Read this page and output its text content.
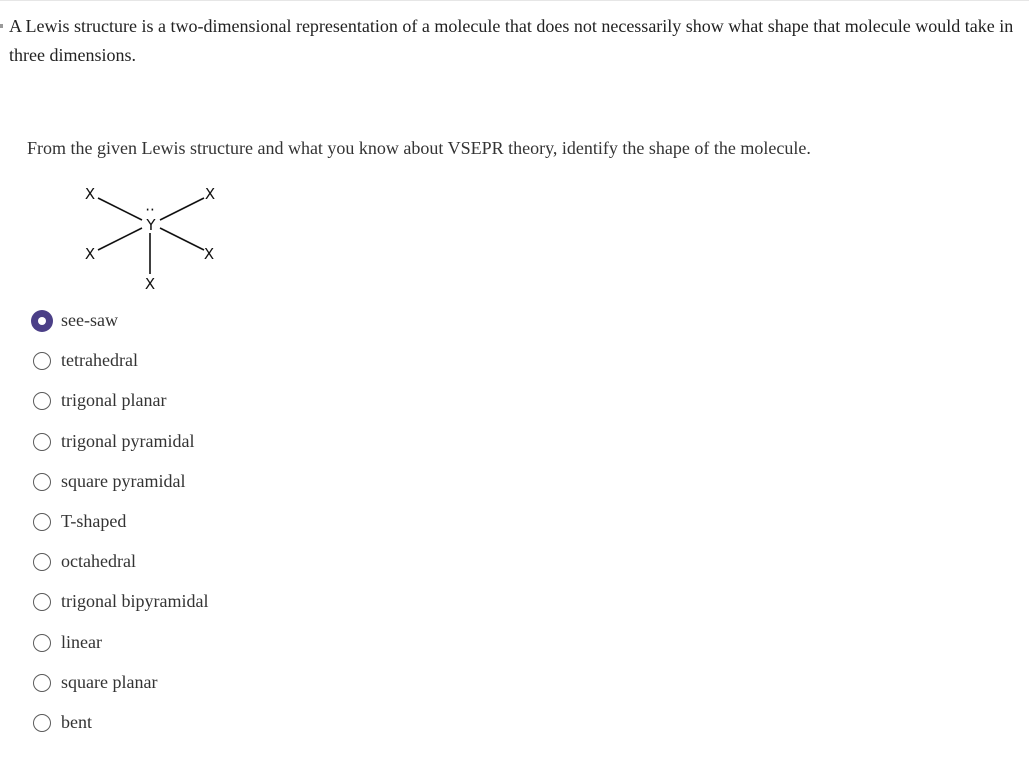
A Lewis structure is a two-dimensional representation of a molecule that does not necessarily show what shape that molecule would take in three dimensions.

From the given Lewis structure and what you know about VSEPR theory, identify the shape of the molecule.

··
Y
X	X
X	X
X
see-saw
tetrahedral
trigonal planar
trigonal pyramidal
square pyramidal
T-shaped
octahedral
trigonal bipyramidal
linear
square planar
bent
